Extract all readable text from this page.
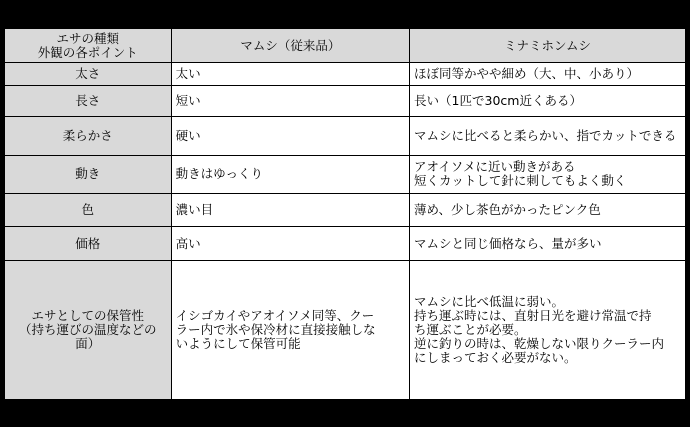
エサの種類
外観の各ポイント	マムシ（従来品）	ミナミホンムシ

太さ	太い	ほぼ同等かやや細め（大、中、小あり）

長さ	短い	長い（1匹で30cm近くある）

柔らかさ	硬い	マムシに比べると柔らかい、指でカットできる

動き	動きはゆっくり	アオイソメに近い動きがある
短くカットして針に刺してもよく動く

色	濃い目	薄め、少し茶色がかったピンク色

価格	高い	マムシと同じ価格なら、量が多い

エサとしての保管性
（持ち運びの温度などの
面）	イシゴカイやアオイソメ同等、クー
ラー内で氷や保冷材に直接接触しな
いようにして保管可能	マムシに比べ低温に弱い。
持ち運ぶ時には、直射日光を避け常温で持
ち運ぶことが必要。
逆に釣りの時は、乾燥しない限りクーラー内
にしまっておく必要がない。
